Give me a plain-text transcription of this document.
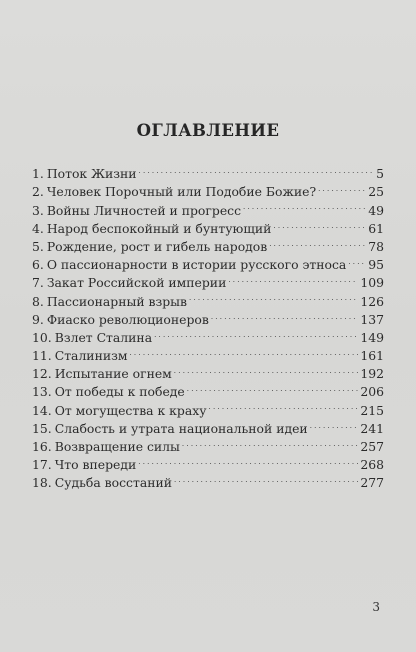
ОГЛАВЛЕНИЕ
1. Поток Жизни . . .	5
2. Человек Порочный или Подобие Божие? . . .	25
3. Войны Личностей и прогресс . . .	49
4. Народ беспокойный и бунтующий . . .	61
5. Рождение, рост и гибель народов . . .	78
6. О пассионарности в истории русского этноса . . . 95
7. Закат Российской империи . . .	109
8. Пассионарный взрыв . . .	126
9. Фиаско революционеров . . .	137
10. Взлет Сталина . . .	149
11. Сталинизм . . .	161
12. Испытание огнем . . .	192
13. От победы к победе . . .	206
14. От могущества к краху . . .	215
15. Слабость и утрата национальной идеи . . .	241
16. Возвращение силы . . .	257
17. Что впереди . . .	268
18. Судьба восстаний . . .	277
3
